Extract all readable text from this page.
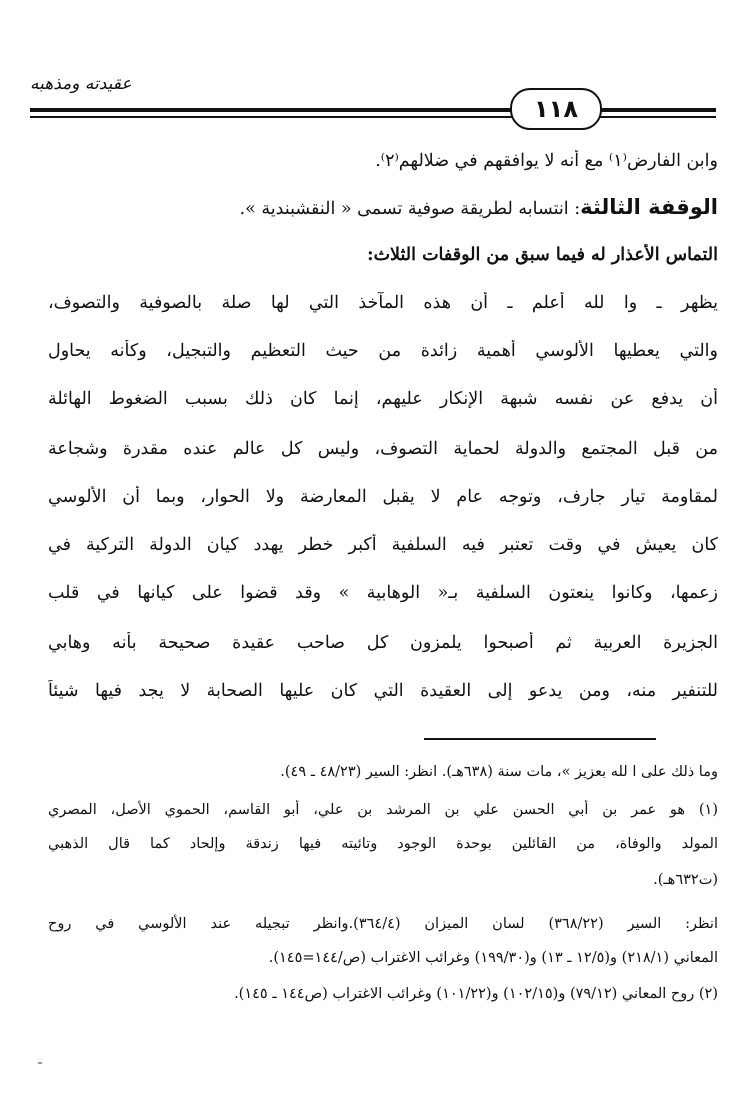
عقيدته ومذهبه
١١٨
وابن الفارض⁽١⁾ مع أنه لا يوافقهم في ضلالهم⁽٢⁾.
الوقفة الثالثة: انتسابه لطريقة صوفية تسمى « النقشبندية ».
التماس الأعذار له فيما سبق من الوقفات الثلاث:
يظهر ـ وا لله أعلم ـ أن هذه المآخذ التي لها صلة بالصوفية والتصوف،
والتي يعطيها الألوسي أهمية زائدة من حيث التعظيم والتبجيل، وكأنه يحاول
أن يدفع عن نفسه شبهة الإنكار عليهم، إنما كان ذلك بسبب الضغوط الهائلة
من قبل المجتمع والدولة لحماية التصوف، وليس كل عالم عنده مقدرة وشجاعة
لمقاومة تيار جارف، وتوجه عام لا يقبل المعارضة ولا الحوار، وبما أن الألوسي
كان يعيش في وقت تعتبر فيه السلفية أكبر خطر يهدد كيان الدولة التركية في
زعمها، وكانوا ينعتون السلفية بـ« الوهابية » وقد قضوا على كيانها في قلب
الجزيرة العربية ثم أصبحوا يلمزون كل صاحب عقيدة صحيحة بأنه وهابي
للتنفير منه، ومن يدعو إلى العقيدة التي كان عليها الصحابة لا يجد فيها شيئاً
وما ذلك على ا لله بعزيز »، مات سنة (٦٣٨هـ). انظر: السير (٤٨/٢٣ ـ ٤٩).
(١) هو عمر بن أبي الحسن علي بن المرشد بن علي، أبو القاسم، الحموي الأصل، المصري
المولد والوفاة، من القائلين بوحدة الوجود وتائيته فيها زندقة وإلحاد كما قال الذهبي
(ت٦٣٢هـ).
انظر: السير (٣٦٨/٢٢) لسان الميزان (٣٦٤/٤).وانظر تبجيله عند الألوسي في روح
المعاني (٢١٨/١) و(١٢/٥ ـ ١٣) و(١٩٩/٣٠) وغرائب الاغتراب (ص/١٤٤=١٤٥).
(٢) روح المعاني (٧٩/١٢) و(١٠٢/١٥) و(١٠١/٢٢) وغرائب الاغتراب (ص١٤٤ ـ ١٤٥).
